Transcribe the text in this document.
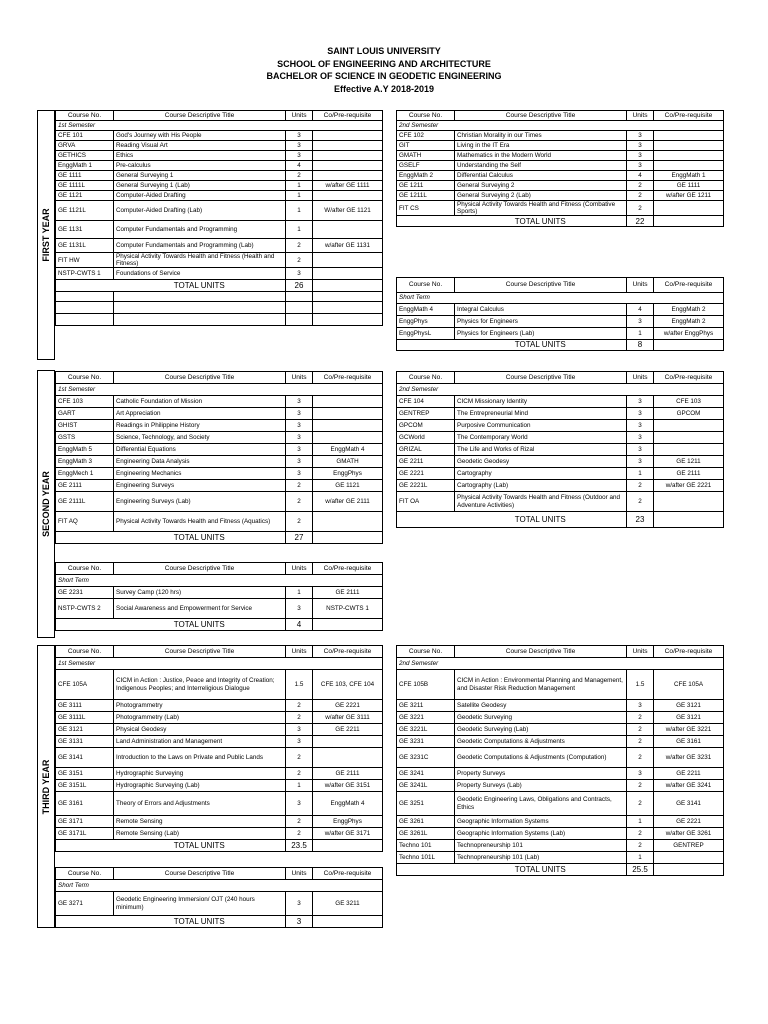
SAINT LOUIS UNIVERSITY
SCHOOL OF ENGINEERING AND ARCHITECTURE
BACHELOR OF SCIENCE IN GEODETIC ENGINEERING
Effective A.Y 2018-2019
FIRST YEAR
SECOND YEAR
THIRD YEAR
Course No.	Course Descriptive Title	Units	Co/Pre-requisite
1st Semester			
CFE 101	God's Journey with His People	3	
GRVA	Reading Visual Art	3	
GETHICS	Ethics	3	
EnggMath 1	Pre-calculus	4	
GE 1111	General Surveying 1	2	
GE 1111L	General Surveying 1 (Lab)	1	w/after GE 1111
GE 1121	Computer-Aided Drafting	1	
GE 1121L	Computer-Aided Drafting (Lab)	1	W/after GE 1121
GE 1131	Computer Fundamentals and Programming	1	
GE 1131L	Computer Fundamentals and Programming (Lab)	2	w/after GE 1131
FIT HW	Physical Activity Towards Health and Fitness (Health and Fitness)	2	
NSTP-CWTS 1	Foundations of Service	3	
	TOTAL UNITS	26	

Course No.	Course Descriptive Title	Units	Co/Pre-requisite
2nd Semester			
CFE 102	Christian Morality in our Times	3	
GIT	Living in the IT Era	3	
GMATH	Mathematics in the Modern World	3	
GSELF	Understanding the Self	3	
EnggMath 2	Differential Calculus	4	EnggMath 1
GE 1211	General Surveying 2	2	GE 1111
GE 1211L	General Surveying 2 (Lab)	2	w/after GE 1211
FIT CS	Physical Activity Towards Health and Fitness (Combative Sports)	2	
	TOTAL UNITS	22	
Course No.	Course Descriptive Title	Units	Co/Pre-requisite
Short Term			
EnggMath 4	Integral Calculus	4	EnggMath 2
EnggPhys	Physics for Engineers	3	EnggMath 2
EnggPhysL	Physics for Engineers (Lab)	1	w/after EnggPhys
	TOTAL UNITS	8	
Course No.	Course Descriptive Title	Units	Co/Pre-requisite
1st Semester			
CFE 103	Catholic Foundation of Mission	3	
GART	Art Appreciation	3	
GHIST	Readings in Philippine History	3	
GSTS	Science, Technology, and Society	3	
EnggMath 5	Differential Equations	3	EnggMath 4
EnggMath 3	Engineering Data Analysis	3	GMATH
EnggMech 1	Engineering Mechanics	3	EnggPhys
GE 2111	Engineering Surveys	2	GE 1121
GE 2111L	Engineering Surveys (Lab)	2	w/after GE 2111
FIT AQ	Physical Activity Towards Health and Fitness (Aquatics)	2	
	TOTAL UNITS	27	
Course No.	Course Descriptive Title	Units	Co/Pre-requisite
2nd Semester			
CFE 104	CICM Missionary Identity	3	CFE 103
GENTREP	The Entrepreneurial Mind	3	GPCOM
GPCOM	Purposive Communication	3	
GCWorld	The Contemporary World	3	
GRIZAL	The Life and Works of Rizal	3	
GE 2211	Geodetic Geodesy	3	GE 1211
GE 2221	Cartography	1	GE 2111
GE 2221L	Cartography (Lab)	2	w/after GE 2221
FIT OA	Physical Activity Towards Health and Fitness (Outdoor and Adventure Activities)	2	
	TOTAL UNITS	23	
Course No.	Course Descriptive Title	Units	Co/Pre-requisite
Short Term			
GE 2231	Survey Camp (120 hrs)	1	GE 2111
NSTP-CWTS 2	Social Awareness and Empowerment for Service	3	NSTP-CWTS 1
	TOTAL UNITS	4	
Course No.	Course Descriptive Title	Units	Co/Pre-requisite
1st Semester			
CFE 105A	CICM in Action : Justice, Peace and Integrity of Creation; Indigenous Peoples; and Interreligious Dialogue	1.5	CFE 103, CFE 104
GE 3111	Photogrammetry	2	GE 2221
GE 3111L	Photogrammetry (Lab)	2	w/after GE 3111
GE 3121	Physical Geodesy	3	GE 2211
GE 3131	Land Administration and Management	3	
GE 3141	Introduction to the Laws on Private and Public Lands	2	
GE 3151	Hydrographic Surveying	2	GE 2111
GE 3151L	Hydrographic Surveying (Lab)	1	w/after GE 3151
GE 3161	Theory of Errors and Adjustments	3	EnggMath 4
GE 3171	Remote Sensing	2	EnggPhys
GE 3171L	Remote Sensing (Lab)	2	w/after GE 3171
	TOTAL UNITS	23.5	
Course No.	Course Descriptive Title	Units	Co/Pre-requisite
2nd Semester			
CFE 105B	CICM in Action : Environmental Planning and Management, and Disaster Risk Reduction Management	1.5	CFE 105A
GE 3211	Satellite Geodesy	3	GE 3121
GE 3221	Geodetic Surveying	2	GE 3121
GE 3221L	Geodetic Surveying (Lab)	2	w/after GE 3221
GE 3231	Geodetic Computations & Adjustments	2	GE 3161
GE 3231C	Geodetic Computations & Adjustments (Computation)	2	w/after GE 3231
GE 3241	Property Surveys	3	GE 2211
GE 3241L	Property Surveys (Lab)	2	w/after GE 3241
GE 3251	Geodetic Engineering Laws, Obligations and Contracts, Ethics	2	GE 3141
GE 3261	Geographic Information Systems	1	GE 2221
GE 3261L	Geographic Information Systems (Lab)	2	w/after GE 3261
Techno 101	Technopreneurship 101	2	GENTREP
Techno 101L	Technopreneurship 101 (Lab)	1	
	TOTAL UNITS	25.5	
Course No.	Course Descriptive Title	Units	Co/Pre-requisite
Short Term			
GE 3271	Geodetic Engineering Immersion/ OJT (240 hours minimum)	3	GE 3211
	TOTAL UNITS	3	
